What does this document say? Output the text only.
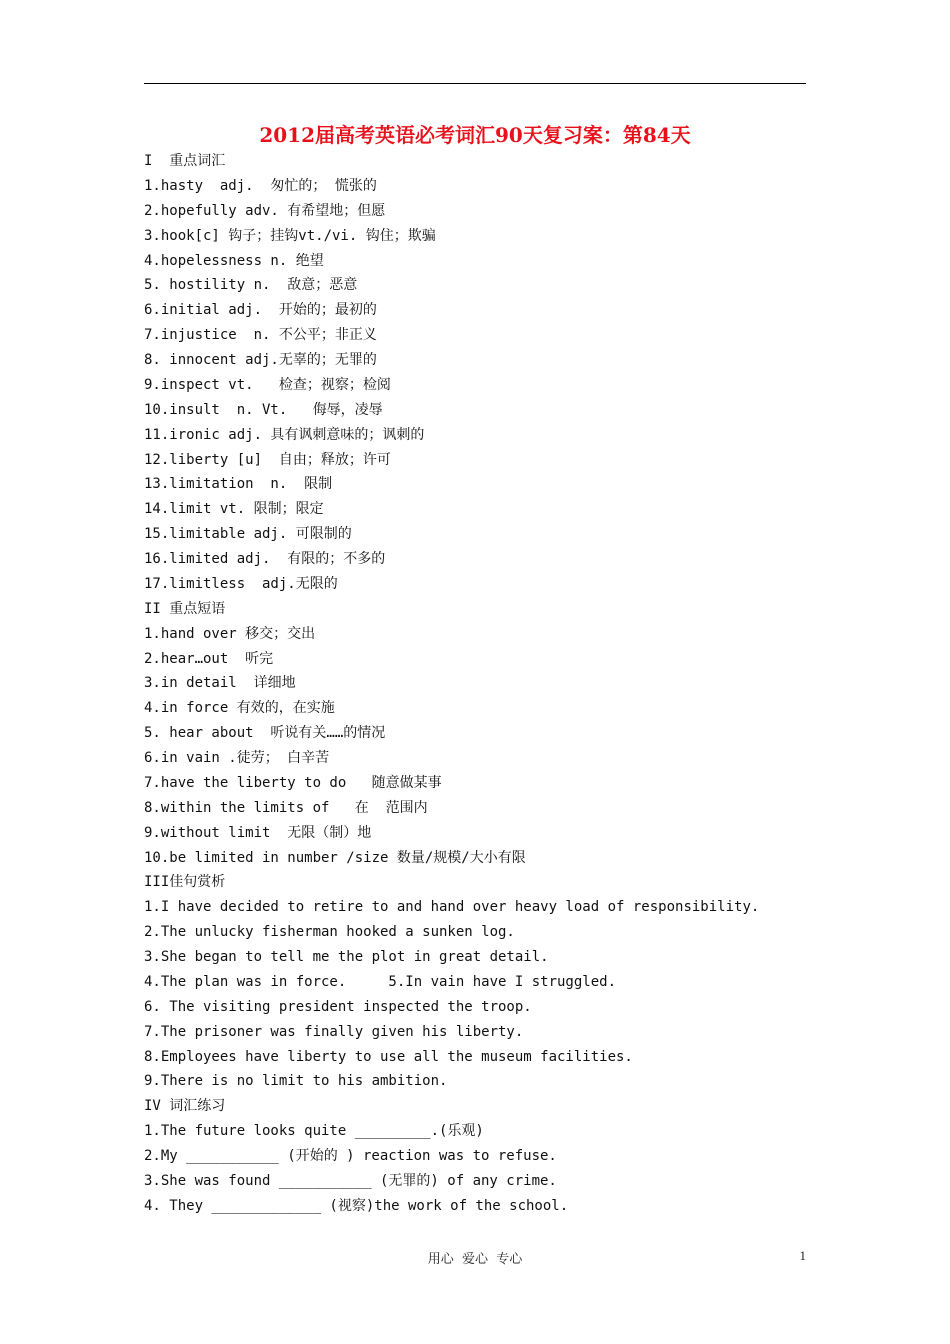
2012届高考英语必考词汇90天复习案：第84天
I  重点词汇
1.hasty  adj.  匆忙的； 慌张的
2.hopefully adv. 有希望地；但愿
3.hook[c] 钩子；挂钩vt./vi. 钩住；欺骗
4.hopelessness n. 绝望
5. hostility n.  敌意；恶意
6.initial adj.  开始的；最初的
7.injustice  n. 不公平；非正义
8. innocent adj.无辜的；无罪的
9.inspect vt.   检查；视察；检阅
10.insult  n. Vt.   侮辱，凌辱
11.ironic adj. 具有讽刺意味的；讽刺的
12.liberty [u]  自由；释放；许可
13.limitation  n.  限制
14.limit vt. 限制；限定
15.limitable adj. 可限制的
16.limited adj.  有限的；不多的
17.limitless  adj.无限的
II 重点短语
1.hand over 移交；交出
2.hear…out  听完
3.in detail  详细地
4.in force 有效的，在实施
5. hear about  听说有关……的情况
6.in vain .徒劳； 白辛苦
7.have the liberty to do   随意做某事
8.within the limits of   在  范围内
9.without limit  无限（制）地
10.be limited in number /size 数量/规模/大小有限
III佳句赏析
1.I have decided to retire to and hand over heavy load of responsibility.
2.The unlucky fisherman hooked a sunken log.
3.She began to tell me the plot in great detail.
4.The plan was in force.     5.In vain have I struggled.
6. The visiting president inspected the troop.
7.The prisoner was finally given his liberty.
8.Employees have liberty to use all the museum facilities.
9.There is no limit to his ambition.
IV 词汇练习
1.The future looks quite _________.(乐观)
2.My ___________ (开始的 ) reaction was to refuse.
3.She was found ___________ (无罪的) of any crime.
4. They _____________ (视察)the work of the school.
用心  爱心  专心	1
